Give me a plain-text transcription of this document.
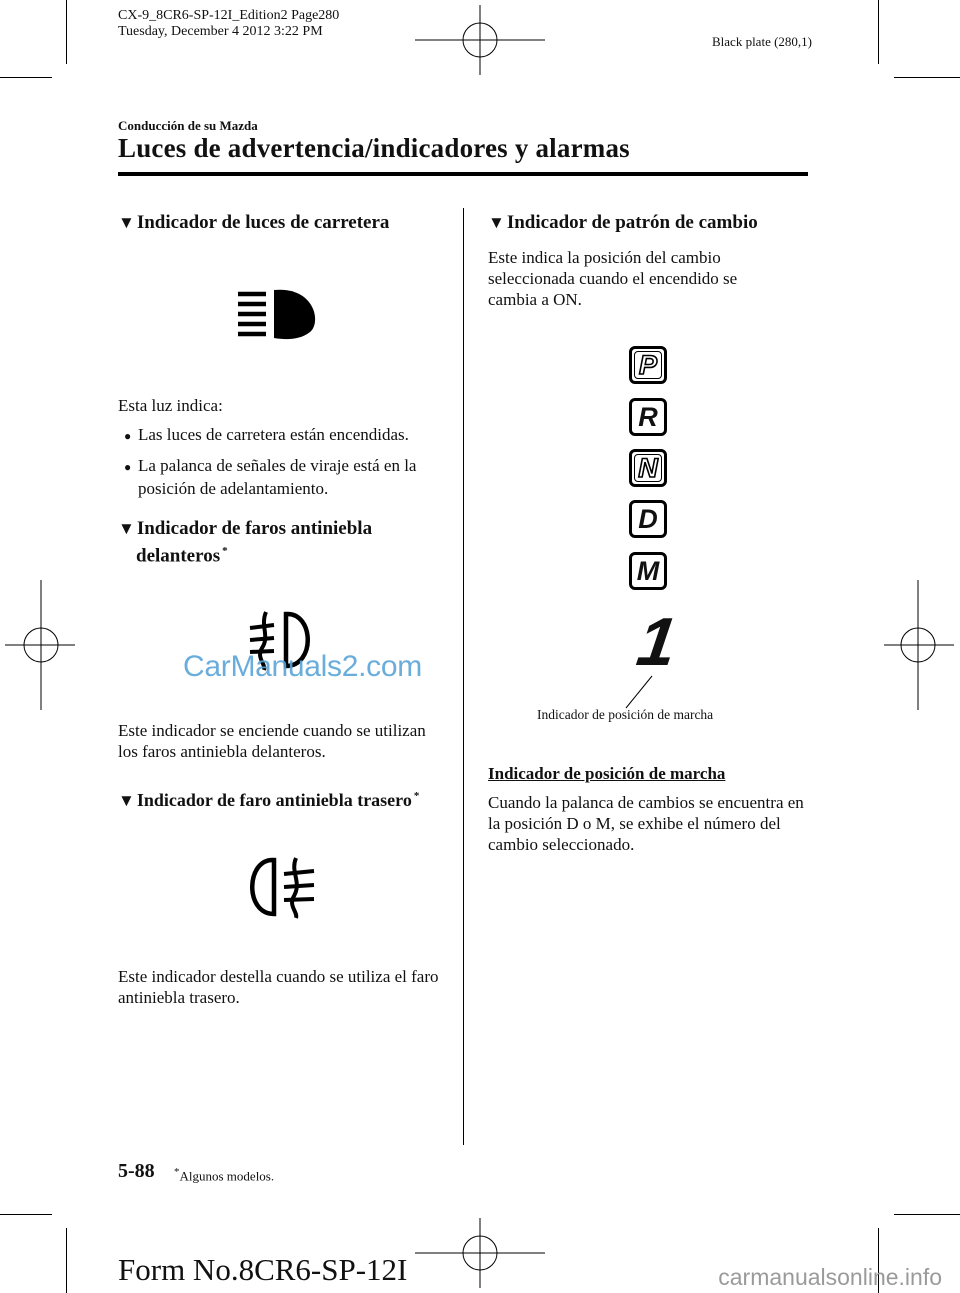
CX-9_8CR6-SP-12I_Edition2 Page280
Tuesday, December 4 2012 3:22 PM
Black plate (280,1)
Conducción de su Mazda
Luces de advertencia/indicadores y alarmas
▼ Indicador de luces de carretera
Esta luz indica:
● Las luces de carretera están encendidas.
● La palanca de señales de viraje está en la posición de adelantamiento.
▼ Indicador de faros antiniebla
delanteros *
CarManuals2.com
Este indicador se enciende cuando se utilizan los faros antiniebla delanteros.
▼ Indicador de faro antiniebla trasero *
Este indicador destella cuando se utiliza el faro antiniebla trasero.
▼ Indicador de patrón de cambio
Este indica la posición del cambio seleccionada cuando el encendido se cambia a ON.
P
R
N
D
M
1
Indicador de posición de marcha
Indicador de posición de marcha
Cuando la palanca de cambios se encuentra en la posición D o M, se exhibe el número del cambio seleccionado.
5-88 *Algunos modelos.
Form No.8CR6-SP-12I	carmanualsonline.info
